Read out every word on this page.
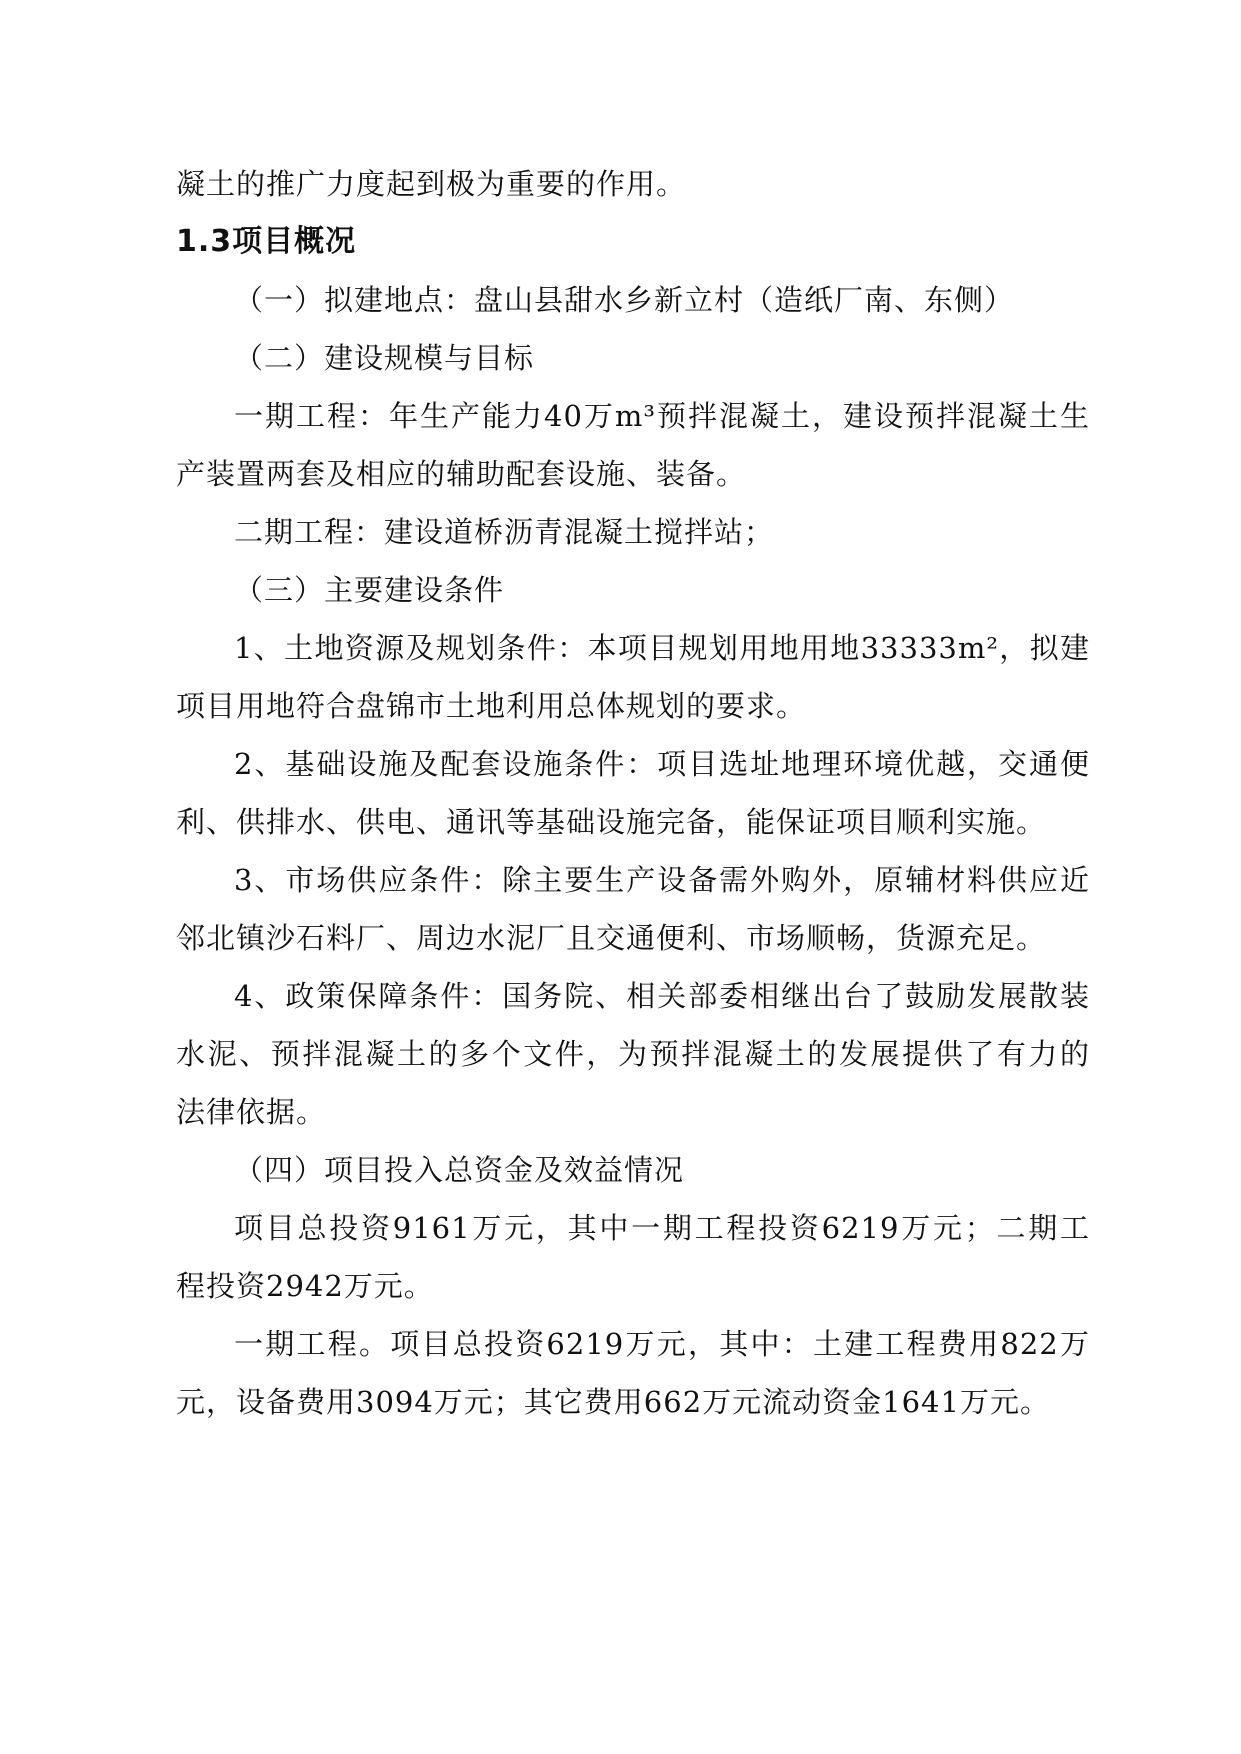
凝土的推广力度起到极为重要的作用。
1.3项目概况
（一）拟建地点：盘山县甜水乡新立村（造纸厂南、东侧）
（二）建设规模与目标
一期工程：年生产能力40万m³预拌混凝土，建设预拌混凝土生
产装置两套及相应的辅助配套设施、装备。
二期工程：建设道桥沥青混凝土搅拌站；
（三）主要建设条件
1、土地资源及规划条件：本项目规划用地用地33333m²，拟建
项目用地符合盘锦市土地利用总体规划的要求。
2、基础设施及配套设施条件：项目选址地理环境优越，交通便
利、供排水、供电、通讯等基础设施完备，能保证项目顺利实施。
3、市场供应条件：除主要生产设备需外购外，原辅材料供应近
邻北镇沙石料厂、周边水泥厂且交通便利、市场顺畅，货源充足。
4、政策保障条件：国务院、相关部委相继出台了鼓励发展散装
水泥、预拌混凝土的多个文件，为预拌混凝土的发展提供了有力的
法律依据。
（四）项目投入总资金及效益情况
项目总投资9161万元，其中一期工程投资6219万元；二期工
程投资2942万元。
一期工程。项目总投资6219万元，其中：土建工程费用822万
元，设备费用3094万元；其它费用662万元流动资金1641万元。
